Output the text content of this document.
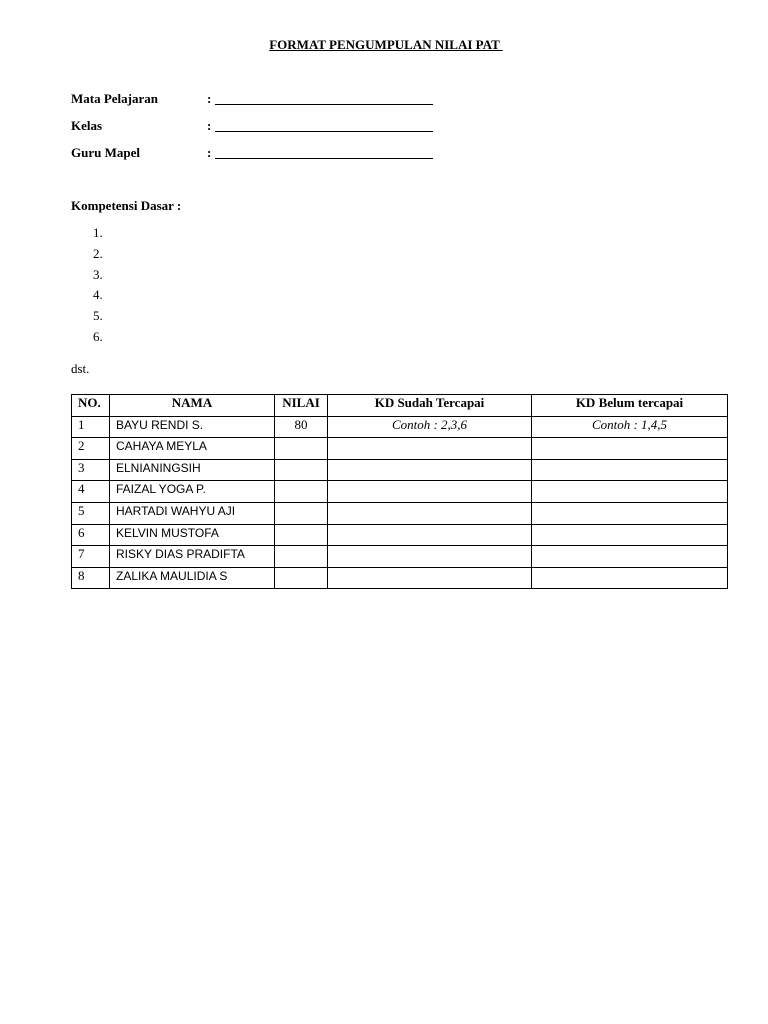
FORMAT PENGUMPULAN NILAI PAT
Mata Pelajaran	:
Kelas	:
Guru Mapel	:
Kompetensi Dasar :
1.
2.
3.
4.
5.
6.
dst.
NO.	NAMA	NILAI	KD Sudah Tercapai	KD Belum tercapai
1	BAYU RENDI S.	80	Contoh : 2,3,6	Contoh : 1,4,5
2	CAHAYA MEYLA			
3	ELNIANINGSIH			
4	FAIZAL YOGA P.			
5	HARTADI WAHYU AJI			
6	KELVIN MUSTOFA			
7	RISKY DIAS PRADIFTA			
8	ZALIKA MAULIDIA S			
